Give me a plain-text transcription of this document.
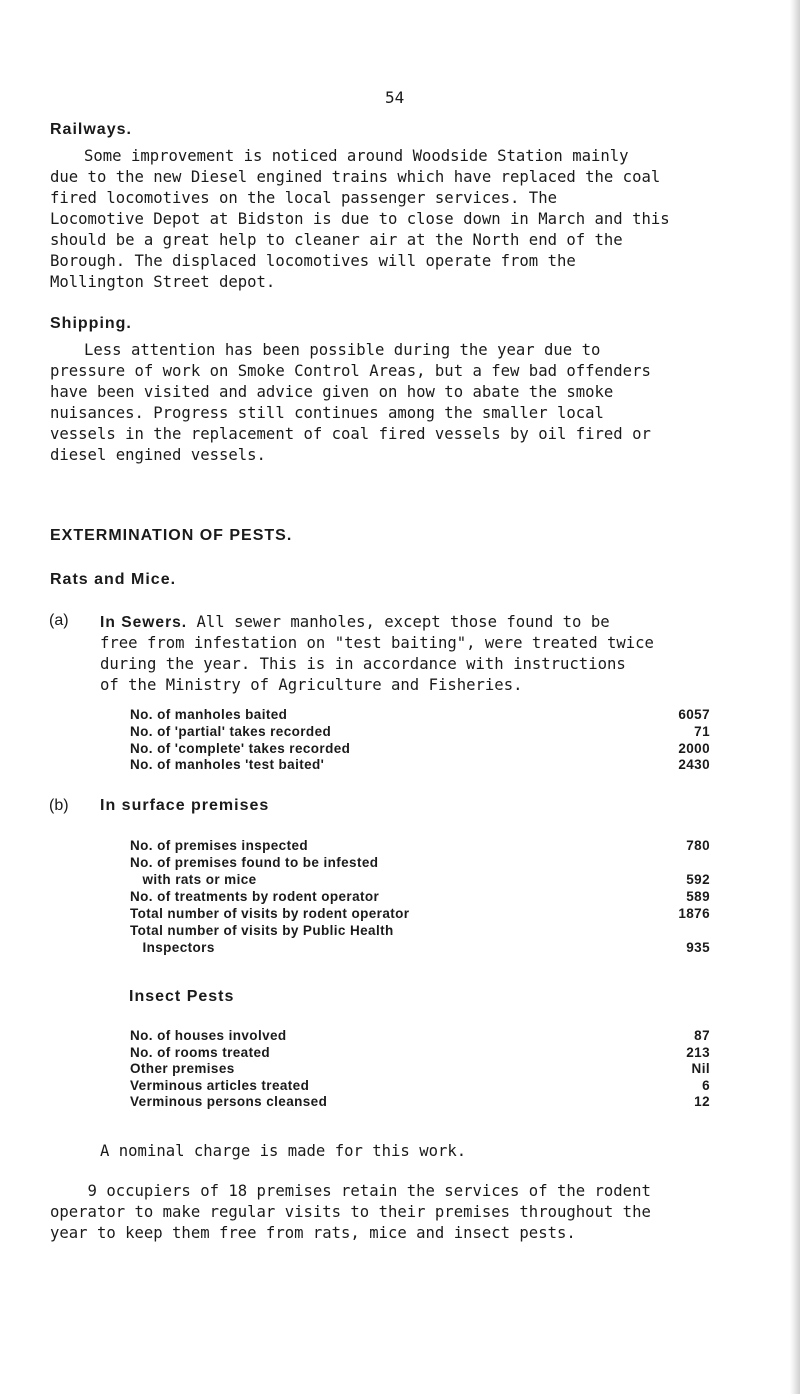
54
Railways.
Some improvement is noticed around Woodside Station mainly
due to the new Diesel engined trains which have replaced the coal
fired locomotives on the local passenger services. The
Locomotive Depot at Bidston is due to close down in March and this
should be a great help to cleaner air at the North end of the
Borough. The displaced locomotives will operate from the
Mollington Street depot.
Shipping.
Less attention has been possible during the year due to
pressure of work on Smoke Control Areas, but a few bad offenders
have been visited and advice given on how to abate the smoke
nuisances. Progress still continues among the smaller local
vessels in the replacement of coal fired vessels by oil fired or
diesel engined vessels.
EXTERMINATION OF PESTS.
Rats and Mice.
(a) In Sewers. All sewer manholes, except those found to be
free from infestation on "test baiting", were treated twice
during the year. This is in accordance with instructions
of the Ministry of Agriculture and Fisheries.
No. of manholes baited	6057
No. of 'partial' takes recorded	71
No. of 'complete' takes recorded	2000
No. of manholes 'test baited'	2430
(b) In surface premises
No. of premises inspected	780
No. of premises found to be infested
with rats or mice	592
No. of treatments by rodent operator	589
Total number of visits by rodent operator	1876
Total number of visits by Public Health
Inspectors	935
Insect Pests
No. of houses involved	87
No. of rooms treated	213
Other premises	Nil
Verminous articles treated	6
Verminous persons cleansed	12
A nominal charge is made for this work.
9 occupiers of 18 premises retain the services of the rodent
operator to make regular visits to their premises throughout the
year to keep them free from rats, mice and insect pests.
